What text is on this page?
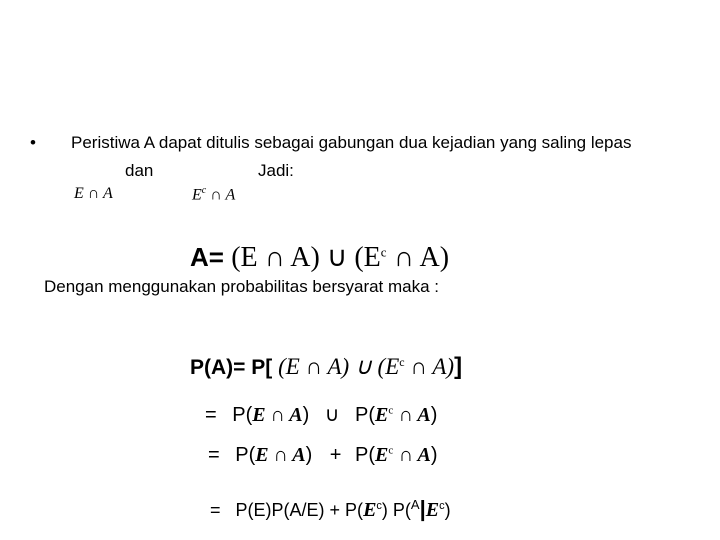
• Peristiwa A dapat ditulis sebagai gabungan dua kejadian yang saling lepas
dan	Jadi:
E ∩ A	$E^c$ ∩ A
A= (E ∩ A) ∪ ($E^c$ ∩ A)
Dengan menggunakan probabilitas bersyarat maka :
P(A)= P[ (E ∩ A) ∪ ($E^c$ ∩ A)]
= P(E ∩ A) ∪ $P(E^c$ ∩ A)
= P(E ∩ $A) + P(E^c$ ∩ A)
= $P(E)P(A/E) + P(E^c)$ $P(^A|E^c)$
